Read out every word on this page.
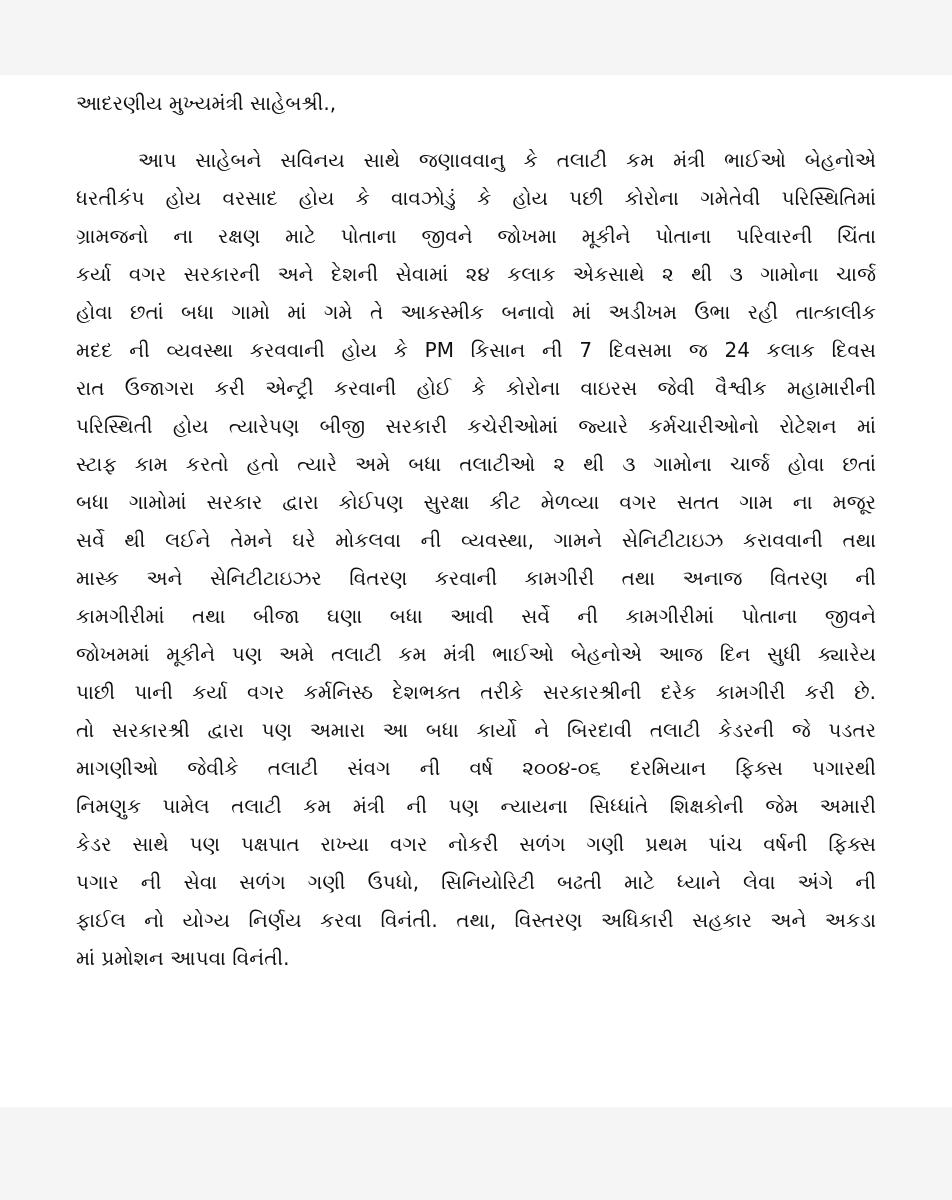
આદરણીય મુખ્યમંત્રી સાહેબશ્રી.,
આપ સાહેબને સવિનય સાથે જણાવવાનુ કે તલાટી કમ મંત્રી ભાઈઓ બેહનોએ
ધરતીકંપ હોય વરસાદ હોય કે વાવઝોડું કે હોય પછી કોરોના ગમેતેવી પરિસ્થિતિમાં
ગ્રામજનો ના રક્ષણ માટે પોતાના જીવને જોખમા મૂકીને પોતાના પરિવારની ચિંતા
કર્યા વગર સરકારની અને દેશની સેવામાં ૨૪ કલાક એકસાથે ૨ થી ૩ ગામોના ચાર્જ
હોવા છતાં બધા ગામો માં ગમે તે આકસ્મીક બનાવો માં અડીખમ ઉભા રહી તાત્કાલીક
મદદ ની વ્યવસ્થા કરવવાની હોય કે PM કિસાન ની 7 દિવસમા જ 24 કલાક દિવસ
રાત ઉજાગરા કરી એન્ટ્રી કરવાની હોઈ કે કોરોના વાઇરસ જેવી વૈશ્વીક મહામારીની
પરિસ્થિતી હોય ત્યારેપણ બીજી સરકારી કચેરીઓમાં જ્યારે કર્મચારીઓનો રોટેશન માં
સ્ટાફ કામ કરતો હતો ત્યારે અમે બધા તલાટીઓ ૨ થી ૩ ગામોના ચાર્જ હોવા છતાં
બધા ગામોમાં સરકાર દ્વારા કોઈપણ સુરક્ષા કીટ મેળવ્યા વગર સતત ગામ ના મજૂર
સર્વે થી લઈને તેમને ઘરે મોકલવા ની વ્યવસ્થા, ગામને સેનિટીટાઇઝ કરાવવાની તથા
માસ્ક અને સેનિટીટાઇઝર વિતરણ કરવાની કામગીરી તથા અનાજ વિતરણ ની
કામગીરીમાં તથા બીજા ઘણા બધા આવી સર્વે ની કામગીરીમાં પોતાના જીવને
જોખમમાં મૂકીને પણ અમે તલાટી કમ મંત્રી ભાઈઓ બેહનોએ આજ દિન સુધી ક્યારેય
પાછી પાની કર્યા વગર કર્મનિસ્ઠ દેશભક્ત તરીકે સરકારશ્રીની દરેક કામગીરી કરી છે.
તો સરકારશ્રી દ્વારા પણ અમારા આ બધા કાર્યો ને બિરદાવી તલાટી કેડરની જે પડતર
માગણીઓ જેવીકે તલાટી સંવગ ની વર્ષ ૨૦૦૪-૦૬ દરમિયાન ફિક્સ પગારથી
નિમણુક પામેલ તલાટી કમ મંત્રી ની પણ ન્યાયના સિધ્ધાંતે શિક્ષકોની જેમ અમારી
કેડર સાથે પણ પક્ષપાત રાખ્યા વગર નોકરી સળંગ ગણી પ્રથમ પાંચ વર્ષની ફિક્સ
પગાર ની સેવા સળંગ ગણી ઉપધો, સિનિયોરિટી બઢતી માટે ધ્યાને લેવા અંગે ની
ફાઈલ નો યોગ્ય નિર્ણય કરવા વિનંતી. તથા, વિસ્તરણ અધિકારી સહકાર અને અકડા
માં પ્રમોશન આપવા વિનંતી.
